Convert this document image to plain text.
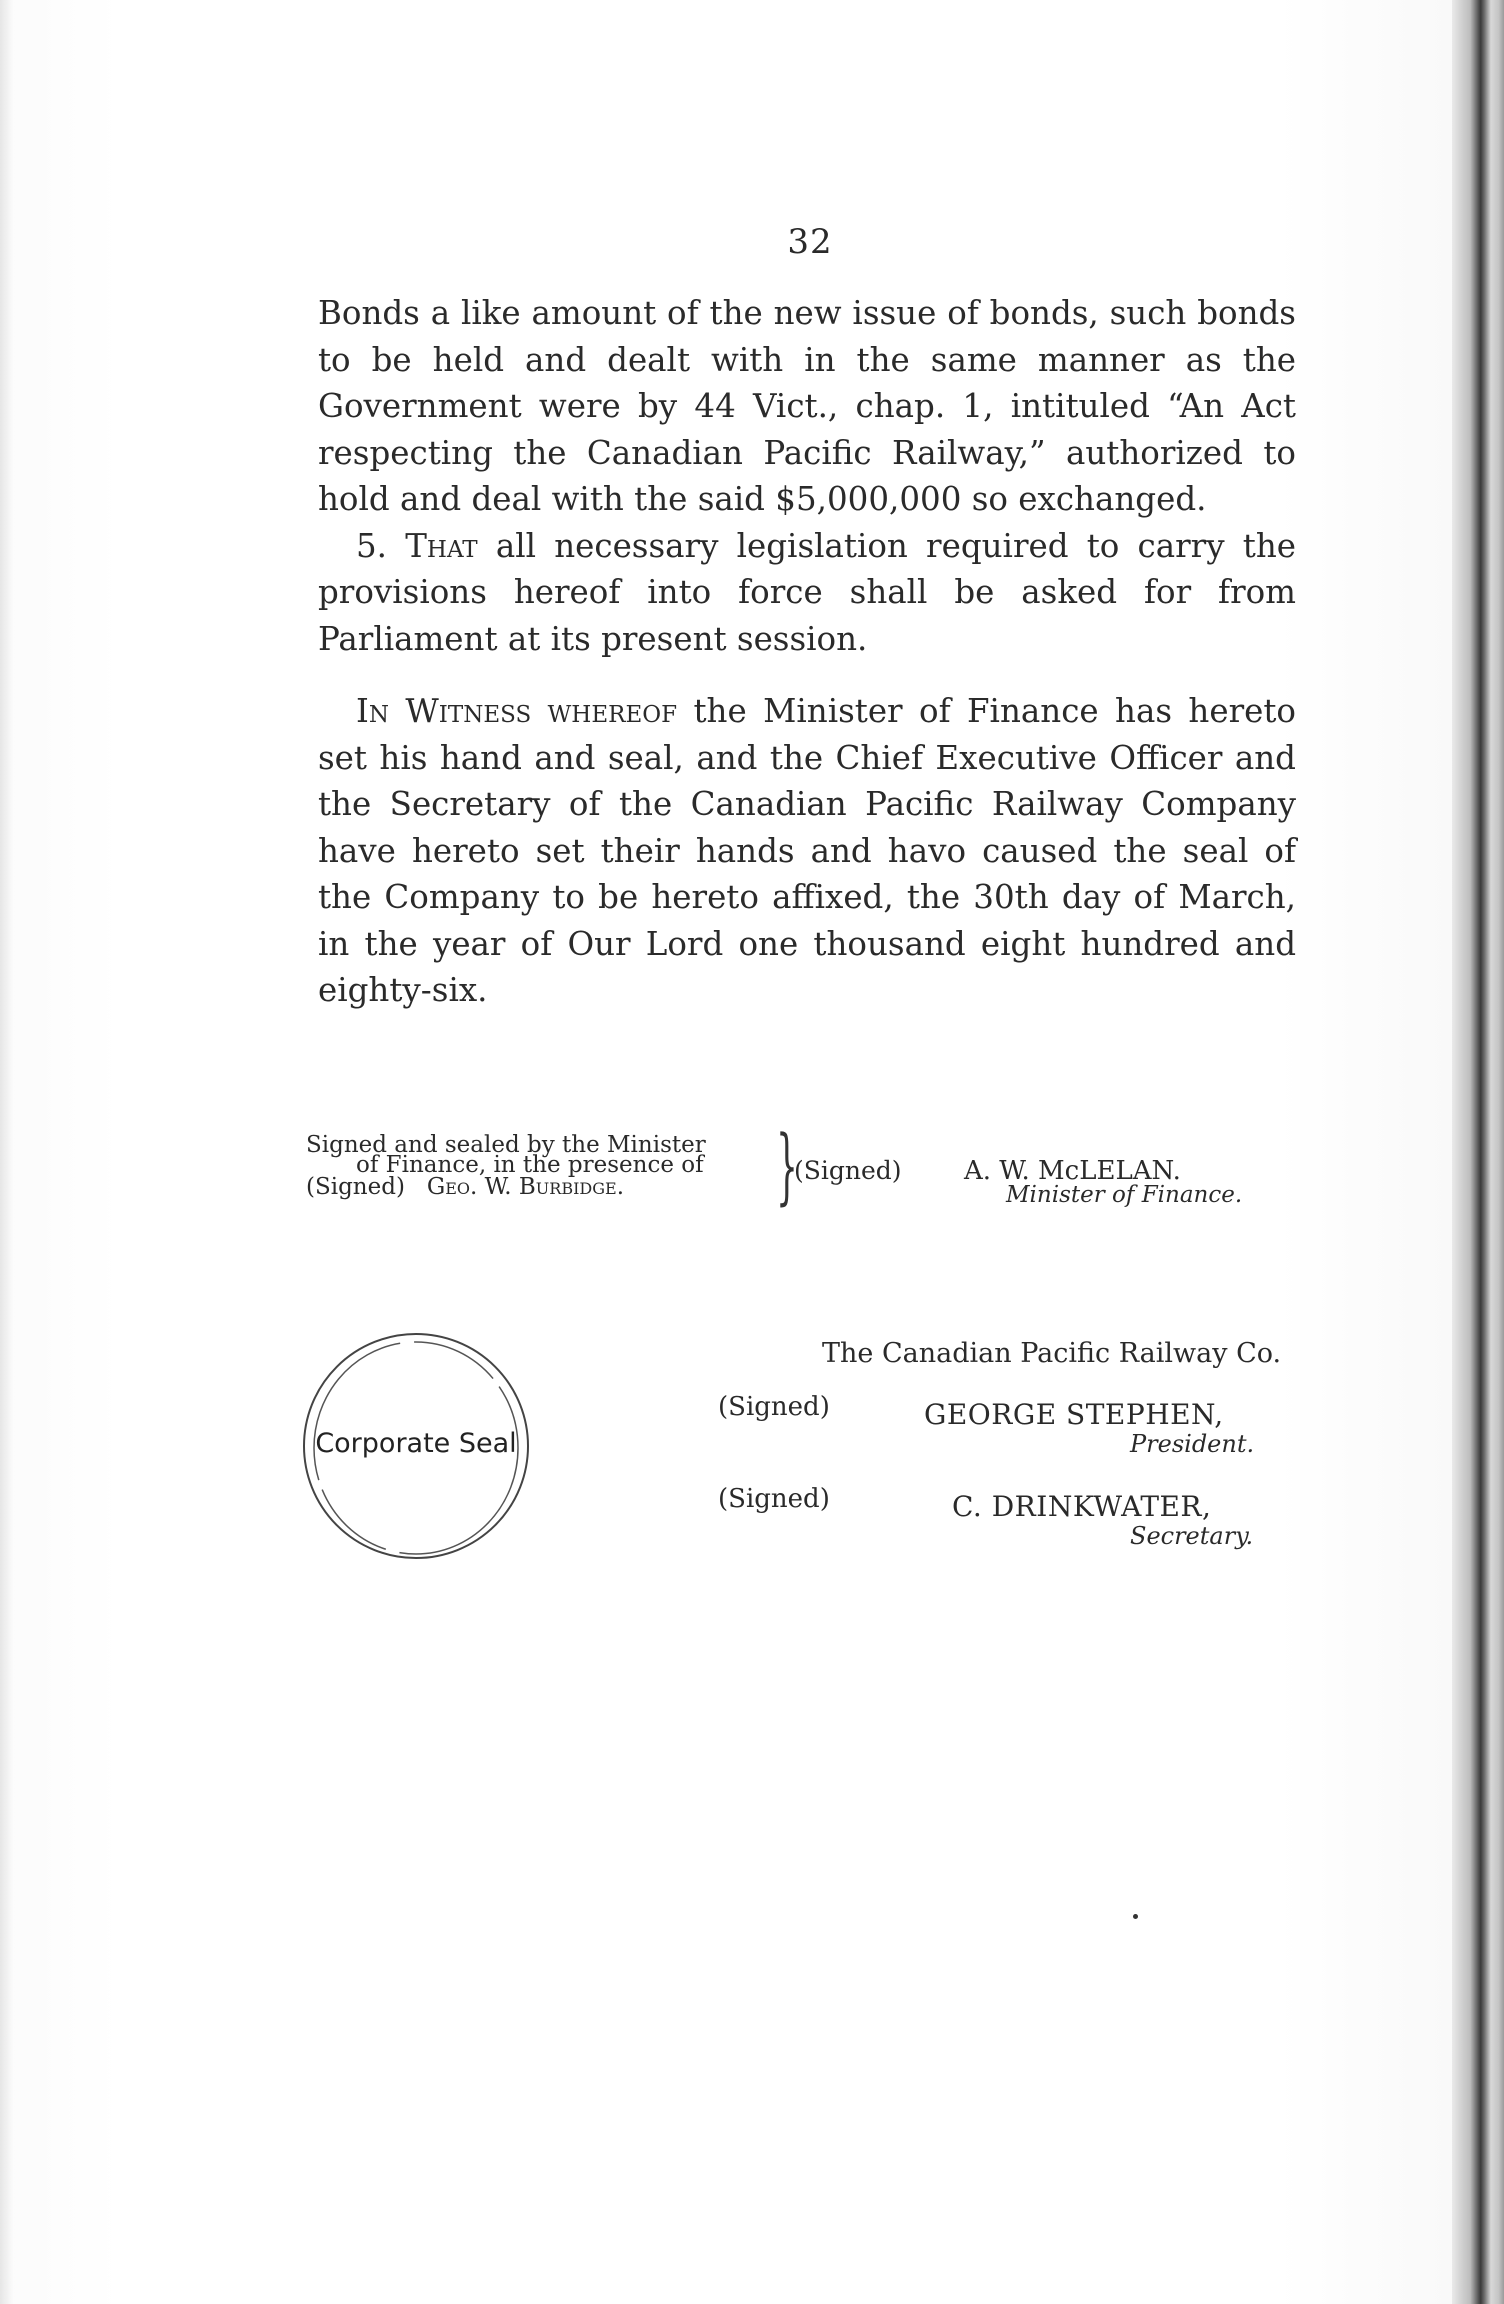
32

Bonds a like amount of the new issue of bonds, such bonds to be held and dealt with in the same manner as the Government were by 44 Vict., chap. 1, intituled “An Act respecting the Canadian Pacific Railway,” authorized to hold and deal with the said $5,000,000 so exchanged.

5. That all necessary legislation required to carry the provisions hereof into force shall be asked for from Parliament at its present session.

In Witness whereof the Minister of Finance has hereto set his hand and seal, and the Chief Executive Officer and the Secretary of the Canadian Pacific Railway Company have hereto set their hands and havo caused the seal of the Company to be hereto affixed, the 30th day of March, in the year of Our Lord one thousand eight hundred and eighty-six.

Signed and sealed by the Minister
of Finance, in the presence of
(Signed) Geo. W. Burbidge. }
(Signed) A. W. McLELAN.
Minister of Finance.
Corporate Seal
The Canadian Pacific Railway Co.
(Signed)	GEORGE STEPHEN,
President.
(Signed)	C. DRINKWATER,
Secretary.
